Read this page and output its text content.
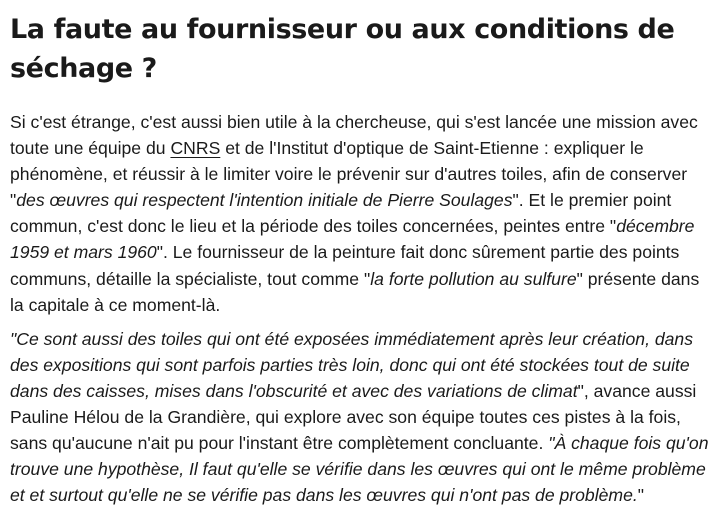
La faute au fournisseur ou aux conditions de séchage ?

Si c'est étrange, c'est aussi bien utile à la chercheuse, qui s'est lancée une mission avec toute une équipe du CNRS et de l'Institut d'optique de Saint-Etienne : expliquer le phénomène, et réussir à le limiter voire le prévenir sur d'autres toiles, afin de conserver "des œuvres qui respectent l'intention initiale de Pierre Soulages". Et le premier point commun, c'est donc le lieu et la période des toiles concernées, peintes entre "décembre 1959 et mars 1960". Le fournisseur de la peinture fait donc sûrement partie des points communs, détaille la spécialiste, tout comme "la forte pollution au sulfure" présente dans la capitale à ce moment-là.

"Ce sont aussi des toiles qui ont été exposées immédiatement après leur création, dans des expositions qui sont parfois parties très loin, donc qui ont été stockées tout de suite dans des caisses, mises dans l'obscurité et avec des variations de climat", avance aussi Pauline Hélou de la Grandière, qui explore avec son équipe toutes ces pistes à la fois, sans qu'aucune n'ait pu pour l'instant être complètement concluante. "À chaque fois qu'on trouve une hypothèse, Il faut qu'elle se vérifie dans les œuvres qui ont le même problème et et surtout qu'elle ne se vérifie pas dans les œuvres qui n'ont pas de problème."
